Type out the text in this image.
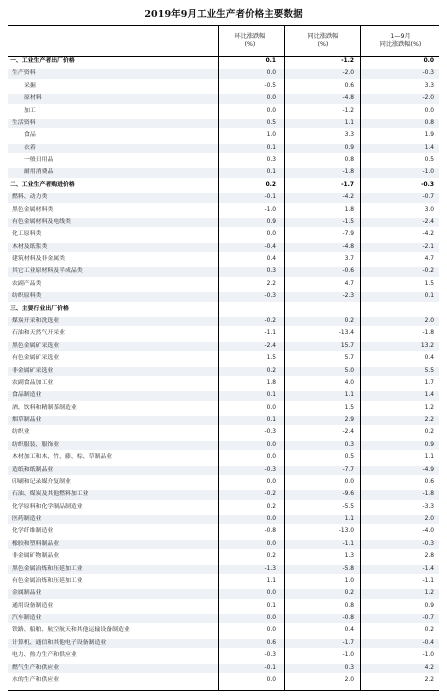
2019年9月工业生产者价格主要数据
环比涨跌幅
(%)
同比涨跌幅
(%)
1—9月
同比涨跌幅(%)
一、工业生产者出厂价格	0.1	-1.2	0.0
生产资料	0.0	-2.0	-0.3
采掘	-0.5	0.6	3.3
原材料	0.0	-4.8	-2.0
加工	0.0	-1.2	0.0
生活资料	0.5	1.1	0.8
食品	1.0	3.3	1.9
衣着	0.1	0.9	1.4
一般日用品	0.3	0.8	0.5
耐用消费品	0.1	-1.8	-1.0
二、工业生产者购进价格	0.2	-1.7	-0.3
燃料、动力类	-0.1	-4.2	-0.7
黑色金属材料类	-1.0	1.8	3.0
有色金属材料及电线类	0.9	-1.5	-2.4
化工原料类	0.0	-7.9	-4.2
木材及纸浆类	-0.4	-4.8	-2.1
建筑材料及非金属类	0.4	3.7	4.7
其它工业原材料及半成品类	0.3	-0.6	-0.2
农副产品类	2.2	4.7	1.5
纺织原料类	-0.3	-2.3	0.1
三、主要行业出厂价格
煤炭开采和洗选业	-0.2	0.2	2.0
石油和天然气开采业	-1.1	-13.4	-1.8
黑色金属矿采选业	-2.4	15.7	13.2
有色金属矿采选业	1.5	5.7	0.4
非金属矿采选业	0.2	5.0	5.5
农副食品加工业	1.8	4.0	1.7
食品制造业	0.1	1.1	1.4
酒、饮料和精制茶制造业	0.0	1.5	1.2
烟草制品业	0.1	2.9	2.2
纺织业	-0.3	-2.4	0.2
纺织服装、服饰业	0.0	0.3	0.9
木材加工和木、竹、藤、棕、草制品业	0.0	0.5	1.1
造纸和纸制品业	-0.3	-7.7	-4.9
印刷和记录媒介复制业	0.0	0.0	0.6
石油、煤炭及其他燃料加工业	-0.2	-9.6	-1.8
化学原料和化学制品制造业	0.2	-5.5	-3.3
医药制造业	0.0	1.1	2.0
化学纤维制造业	-0.8	-13.0	-4.0
橡胶和塑料制品业	0.0	-1.1	-0.3
非金属矿物制品业	0.2	1.3	2.8
黑色金属冶炼和压延加工业	-1.3	-5.8	-1.4
有色金属冶炼和压延加工业	1.1	1.0	-1.1
金属制品业	0.0	0.2	1.2
通用设备制造业	0.1	0.8	0.9
汽车制造业	0.0	-0.8	-0.7
铁路、船舶、航空航天和其他运输设备制造业	0.0	0.4	0.2
计算机、通信和其他电子设备制造业	0.6	-1.7	-0.4
电力、热力生产和供应业	-0.3	-1.0	-1.0
燃气生产和供应业	-0.1	0.3	4.2
水的生产和供应业	0.0	2.0	2.2
